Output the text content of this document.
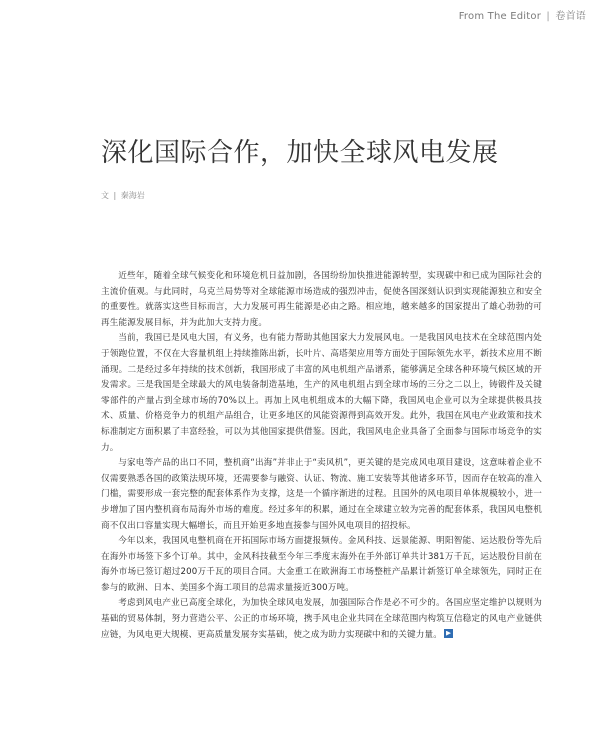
From The Editor | 卷首语
深化国际合作，加快全球风电发展
文 | 秦海岩

近些年，随着全球气候变化和环境危机日益加剧，各国纷纷加快推进能源转型，实现碳中和已成为国际社会的主流价值观。与此同时，乌克兰局势等对全球能源市场造成的强烈冲击，促使各国深刻认识到实现能源独立和安全的重要性。就落实这些目标而言，大力发展可再生能源是必由之路。相应地，越来越多的国家提出了雄心勃勃的可再生能源发展目标，并为此加大支持力度。

当前，我国已是风电大国，有义务，也有能力帮助其他国家大力发展风电。一是我国风电技术在全球范围内处于领跑位置，不仅在大容量机组上持续推陈出新，长叶片、高塔架应用等方面处于国际领先水平，新技术应用不断涌现。二是经过多年持续的技术创新，我国形成了丰富的风电机组产品谱系，能够满足全球各种环境气候区域的开发需求。三是我国是全球最大的风电装备制造基地，生产的风电机组占到全球市场的三分之二以上，铸锻件及关键零部件的产量占到全球市场的70%以上。再加上风电机组成本的大幅下降，我国风电企业可以为全球提供极具技术、质量、价格竞争力的机组产品组合，让更多地区的风能资源得到高效开发。此外，我国在风电产业政策和技术标准制定方面积累了丰富经验，可以为其他国家提供借鉴。因此，我国风电企业具备了全面参与国际市场竞争的实力。

与家电等产品的出口不同，整机商“出海”并非止于“卖风机”，更关键的是完成风电项目建设，这意味着企业不仅需要熟悉各国的政策法规环境，还需要参与融资、认证、物流、施工安装等其他诸多环节，因而存在较高的准入门槛，需要形成一套完整的配套体系作为支撑，这是一个循序渐进的过程。且国外的风电项目单体规模较小，进一步增加了国内整机商布局海外市场的难度。经过多年的积累，通过在全球建立较为完善的配套体系，我国风电整机商不仅出口容量实现大幅增长，而且开始更多地直接参与国外风电项目的招投标。

今年以来，我国风电整机商在开拓国际市场方面捷报频传。金风科技、远景能源、明阳智能、运达股份等先后在海外市场签下多个订单。其中，金风科技截至今年三季度末海外在手外部订单共计381万千瓦，运达股份目前在海外市场已签订超过200万千瓦的项目合同。大金重工在欧洲海工市场整桩产品累计新签订单全球领先，同时正在参与的欧洲、日本、美国多个海工项目的总需求量接近300万吨。

考虑到风电产业已高度全球化，为加快全球风电发展，加强国际合作是必不可少的。各国应坚定维护以规则为基础的贸易体制，努力营造公平、公正的市场环境，携手风电企业共同在全球范围内构筑互信稳定的风电产业链供应链，为风电更大规模、更高质量发展夯实基础，使之成为助力实现碳中和的关键力量。
